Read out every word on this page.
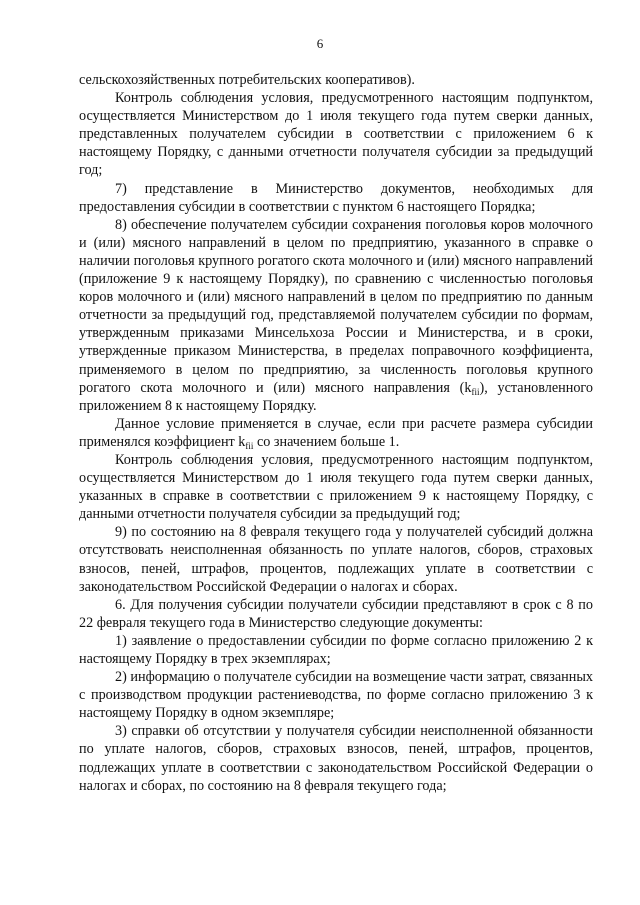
6

сельскохозяйственных потребительских кооперативов).

Контроль соблюдения условия, предусмотренного настоящим подпунктом, осуществляется Министерством до 1 июля текущего года путем сверки данных, представленных получателем субсидии в соответствии с приложением 6 к настоящему Порядку, с данными отчетности получателя субсидии за предыдущий год;

7) представление в Министерство документов, необходимых для предоставления субсидии в соответствии с пунктом 6 настоящего Порядка;

8) обеспечение получателем субсидии сохранения поголовья коров молочного и (или) мясного направлений в целом по предприятию, указанного в справке о наличии поголовья крупного рогатого скота молочного и (или) мясного направлений (приложение 9 к настоящему Порядку), по сравнению с численностью поголовья коров молочного и (или) мясного направлений в целом по предприятию по данным отчетности за предыдущий год, представляемой получателем субсидии по формам, утвержденным приказами Минсельхоза России и Министерства, и в сроки, утвержденные приказом Министерства, в пределах поправочного коэффициента, применяемого в целом по предприятию, за численность поголовья крупного рогатого скота молочного и (или) мясного направления $(k_{fii})$, установленного приложением 8 к настоящему Порядку.

Данное условие применяется в случае, если при расчете размера субсидии применялся коэффициент $k_{fii}$ со значением больше 1.

Контроль соблюдения условия, предусмотренного настоящим подпунктом, осуществляется Министерством до 1 июля текущего года путем сверки данных, указанных в справке в соответствии с приложением 9 к настоящему Порядку, с данными отчетности получателя субсидии за предыдущий год;

9) по состоянию на 8 февраля текущего года у получателей субсидий должна отсутствовать неисполненная обязанность по уплате налогов, сборов, страховых взносов, пеней, штрафов, процентов, подлежащих уплате в соответствии с законодательством Российской Федерации о налогах и сборах.

6. Для получения субсидии получатели субсидии представляют в срок с 8 по 22 февраля текущего года в Министерство следующие документы:

1) заявление о предоставлении субсидии по форме согласно приложению 2 к настоящему Порядку в трех экземплярах;

2) информацию о получателе субсидии на возмещение части затрат, связанных с производством продукции растениеводства, по форме согласно приложению 3 к настоящему Порядку в одном экземпляре;

3) справки об отсутствии у получателя субсидии неисполненной обязанности по уплате налогов, сборов, страховых взносов, пеней, штрафов, процентов, подлежащих уплате в соответствии с законодательством Российской Федерации о налогах и сборах, по состоянию на 8 февраля текущего года;
